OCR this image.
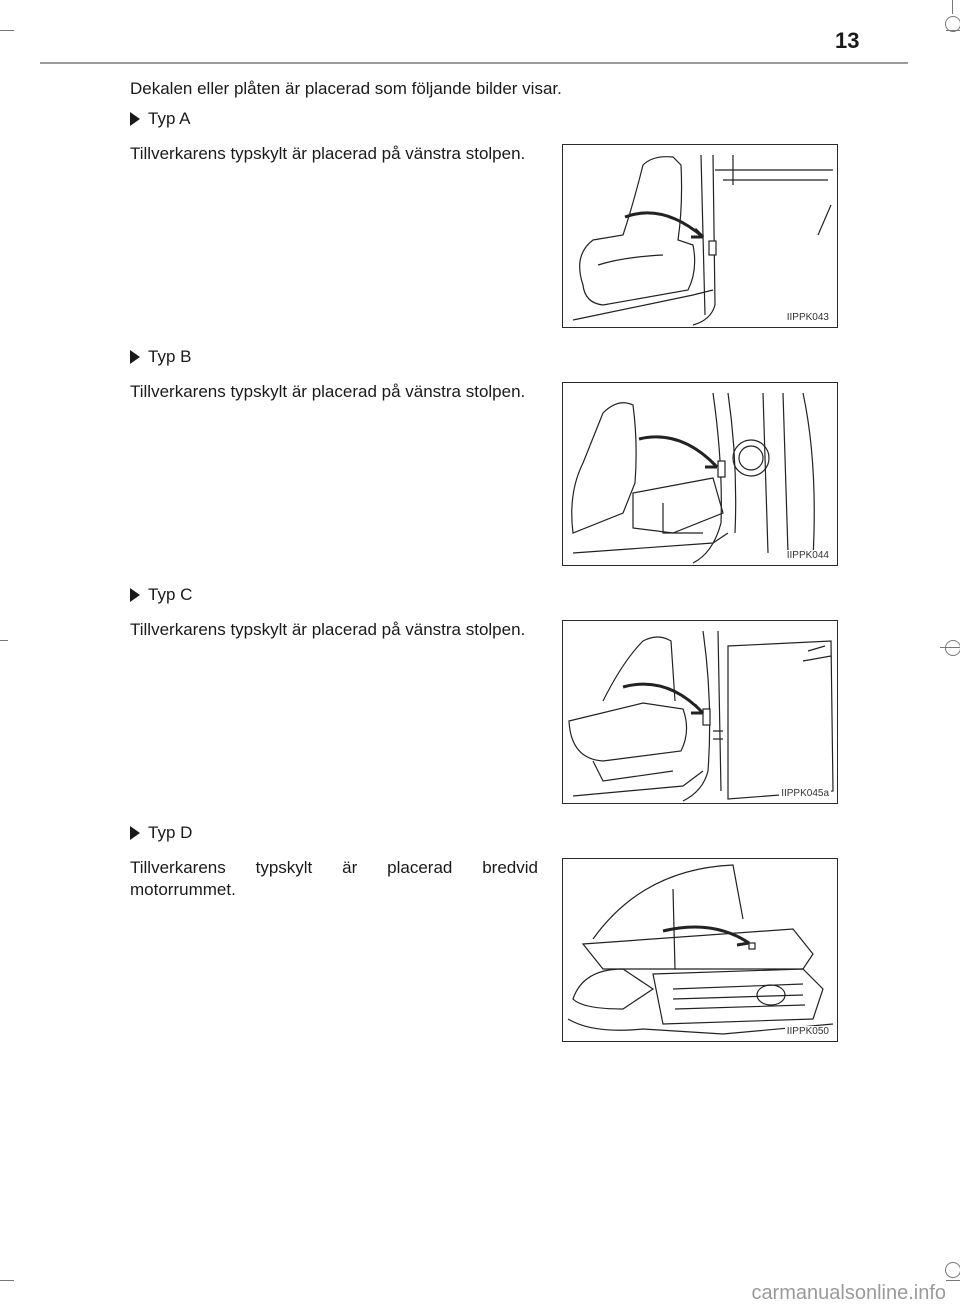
13
Dekalen eller plåten är placerad som följande bilder visar.
Typ A
Tillverkarens typskylt är placerad på vänstra stolpen.
IIPPK043
Typ B
Tillverkarens typskylt är placerad på vänstra stolpen.
IIPPK044
Typ C
Tillverkarens typskylt är placerad på vänstra stolpen.
IIPPK045a
Typ D
Tillverkarens typskylt är placerad bredvid motorrummet.
IIPPK050
carmanualsonline.info
